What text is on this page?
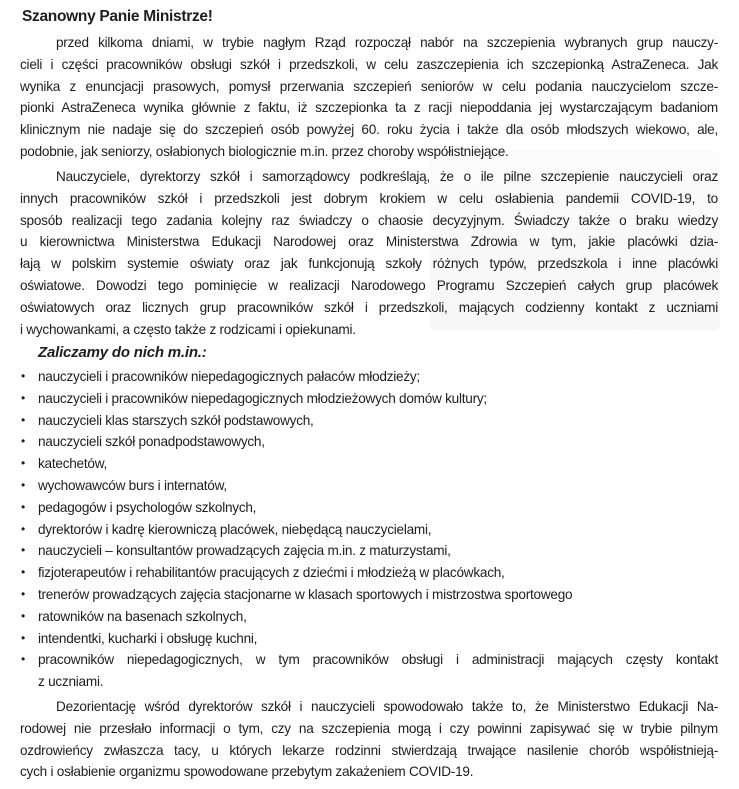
Szanowny Panie Ministrze!
przed kilkoma dniami, w trybie nagłym Rząd rozpoczął nabór na szczepienia wybranych grup nauczy-
cieli i części pracowników obsługi szkół i przedszkoli, w celu zaszczepienia ich szczepionką AstraZeneca. Jak
wynika z enuncjacji prasowych, pomysł przerwania szczepień seniorów w celu podania nauczycielom szcze-
pionki AstraZeneca wynika głównie z faktu, iż szczepionka ta z racji niepoddania jej wystarczającym badaniom
klinicznym nie nadaje się do szczepień osób powyżej 60. roku życia i także dla osób młodszych wiekowo, ale,
podobnie, jak seniorzy, osłabionych biologicznie m.in. przez choroby współistniejące.
Nauczyciele, dyrektorzy szkół i samorządowcy podkreślają, że o ile pilne szczepienie nauczycieli oraz
innych pracowników szkół i przedszkoli jest dobrym krokiem w celu osłabienia pandemii COVID-19, to
sposób realizacji tego zadania kolejny raz świadczy o chaosie decyzyjnym. Świadczy także o braku wiedzy
u kierownictwa Ministerstwa Edukacji Narodowej oraz Ministerstwa Zdrowia w tym, jakie placówki dzia-
łają w polskim systemie oświaty oraz jak funkcjonują szkoły różnych typów, przedszkola i inne placówki
oświatowe. Dowodzi tego pominięcie w realizacji Narodowego Programu Szczepień całych grup placówek
oświatowych oraz licznych grup pracowników szkół i przedszkoli, mających codzienny kontakt z uczniami
i wychowankami, a często także z rodzicami i opiekunami.
Zaliczamy do nich m.in.:
• nauczycieli i pracowników niepedagogicznych pałaców młodzieży;
• nauczycieli i pracowników niepedagogicznych młodzieżowych domów kultury;
• nauczycieli klas starszych szkół podstawowych,
• nauczycieli szkół ponadpodstawowych,
• katechetów,
• wychowawców burs i internatów,
• pedagogów i psychologów szkolnych,
• dyrektorów i kadrę kierowniczą placówek, niebędącą nauczycielami,
• nauczycieli – konsultantów prowadzących zajęcia m.in. z maturzystami,
• fizjoterapeutów i rehabilitantów pracujących z dziećmi i młodzieżą w placówkach,
• trenerów prowadzących zajęcia stacjonarne w klasach sportowych i mistrzostwa sportowego
• ratowników na basenach szkolnych,
• intendentki, kucharki i obsługę kuchni,
• pracowników niepedagogicznych, w tym pracowników obsługi i administracji mających częsty kontakt
z uczniami.
Dezorientację wśród dyrektorów szkół i nauczycieli spowodowało także to, że Ministerstwo Edukacji Na-
rodowej nie przesłało informacji o tym, czy na szczepienia mogą i czy powinni zapisywać się w trybie pilnym
ozdrowieńcy zwłaszcza tacy, u których lekarze rodzinni stwierdzają trwające nasilenie chorób współistnieją-
cych i osłabienie organizmu spowodowane przebytym zakażeniem COVID-19.
